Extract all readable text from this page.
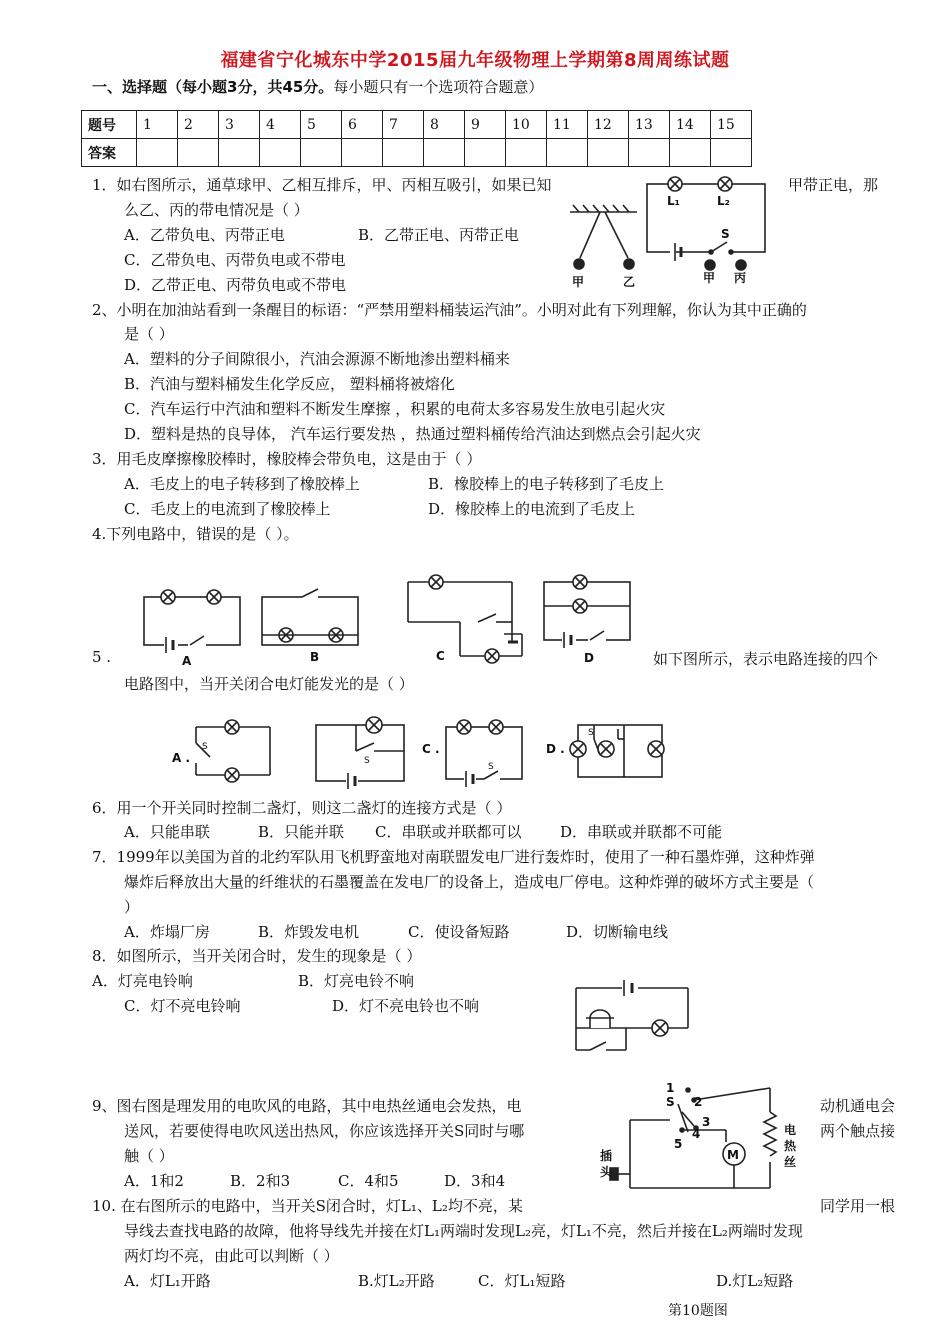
福建省宁化城东中学2015届九年级物理上学期第8周周练试题
一、选择题（每小题3分，共45分。每小题只有一个选项符合题意）
题号	1	2	3	4	5	6	7	8	9	10	11	12	13	14	15
答案															
1．如右图所示，通草球甲、乙相互排斥，甲、丙相互吸引，如果已知	甲带正电，那
么乙、丙的带电情况是（ ）
A．乙带负电、丙带正电	B．乙带正电、丙带正电
C．乙带负电、丙带负电或不带电
D．乙带正电、丙带负电或不带电	甲	乙
L₁	L₂
S
甲 丙
2、小明在加油站看到一条醒目的标语：“严禁用塑料桶装运汽油”。小明对此有下列理解，你认为其中正确的
是（ ）
A．塑料的分子间隙很小，汽油会源源不断地渗出塑料桶来
B．汽油与塑料桶发生化学反应， 塑料桶将被熔化
C．汽车运行中汽油和塑料不断发生摩擦 ，积累的电荷太多容易发生放电引起火灾
D．塑料是热的良导体， 汽车运行要发热 ，热通过塑料桶传给汽油达到燃点会引起火灾
3．用毛皮摩擦橡胶棒时，橡胶棒会带负电，这是由于（ ）
A．毛皮上的电子转移到了橡胶棒上	B．橡胶棒上的电子转移到了毛皮上
C．毛皮上的电流到了橡胶棒上	D．橡胶棒上的电流到了毛皮上
4.下列电路中，错误的是（ ）。
A	B	C	D
5 .	如下图所示，表示电路连接的四个
电路图中，当开关闭合电灯能发光的是（ ）
A .
S
S
C .
S
D .
S
6．用一个开关同时控制二盏灯，则这二盏灯的连接方式是（ ）
A．只能串联	B．只能并联 C．串联或并联都可以	D．串联或并联都不可能
7．1999年以美国为首的北约军队用飞机野蛮地对南联盟发电厂进行轰炸时，使用了一种石墨炸弹，这种炸弹
爆炸后释放出大量的纤维状的石墨覆盖在发电厂的设备上，造成电厂停电。这种炸弹的破坏方式主要是（
）
A．炸塌厂房	B．炸毁发电机	C．使设备短路	D．切断输电线
8．如图所示，当开关闭合时，发生的现象是（ ）
A．灯亮电铃响	B．灯亮电铃不响
C．灯不亮电铃响	D．灯不亮电铃也不响
9、图右图是理发用的电吹风的电路，其中电热丝通电会发热，电	动机通电会
送风，若要使得电吹风送出热风，你应该选择开关S同时与哪	两个触点接
触（ ）
A．1和2	B．2和3	C．4和5	D．3和4
M
1
S 2
3
4
5
插
头
电
热
丝
10. 在右图所示的电路中，当开关S闭合时，灯L₁、L₂均不亮，某	同学用一根
导线去查找电路的故障，他将导线先并接在灯L₁两端时发现L₂亮，灯L₁不亮，然后并接在L₂两端时发现
两灯均不亮，由此可以判断（ ）
A．灯L₁开路	B.灯L₂开路	C．灯L₁短路	D.灯L₂短路
第10题图
